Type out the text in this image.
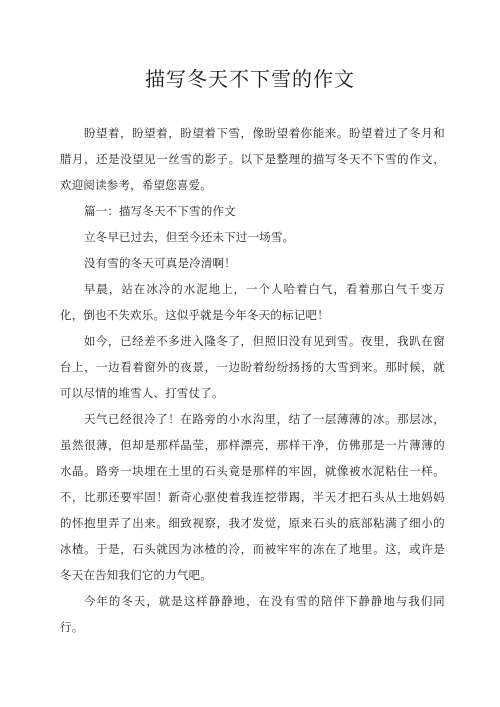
描写冬天不下雪的作文

盼望着，盼望着，盼望着下雪，像盼望着你能来。盼望着过了冬月和腊月，还是没望见一丝雪的影子。以下是整理的描写冬天不下雪的作文，欢迎阅读参考，希望您喜爱。

篇一：描写冬天不下雪的作文

立冬早已过去，但至今还未下过一场雪。

没有雪的冬天可真是冷清啊！

早晨，站在冰冷的水泥地上，一个人哈着白气，看着那白气千变万化，倒也不失欢乐。这似乎就是今年冬天的标记吧！

如今，已经差不多进入隆冬了，但照旧没有见到雪。夜里，我趴在窗台上，一边看着窗外的夜景，一边盼着纷纷扬扬的大雪到来。那时候，就可以尽情的堆雪人、打雪仗了。

天气已经很冷了！在路旁的小水沟里，结了一层薄薄的冰。那层冰，虽然很薄，但却是那样晶莹，那样漂亮，那样干净，仿佛那是一片薄薄的水晶。路旁一块埋在土里的石头竟是那样的牢固，就像被水泥粘住一样。不，比那还要牢固！新奇心驱使着我连挖带踢，半天才把石头从土地妈妈的怀抱里弄了出来。细致视察，我才发觉，原来石头的底部粘满了细小的冰楂。于是，石头就因为冰楂的冷，而被牢牢的冻在了地里。这，或许是冬天在告知我们它的力气吧。

今年的冬天，就是这样静静地，在没有雪的陪伴下静静地与我们同行。
